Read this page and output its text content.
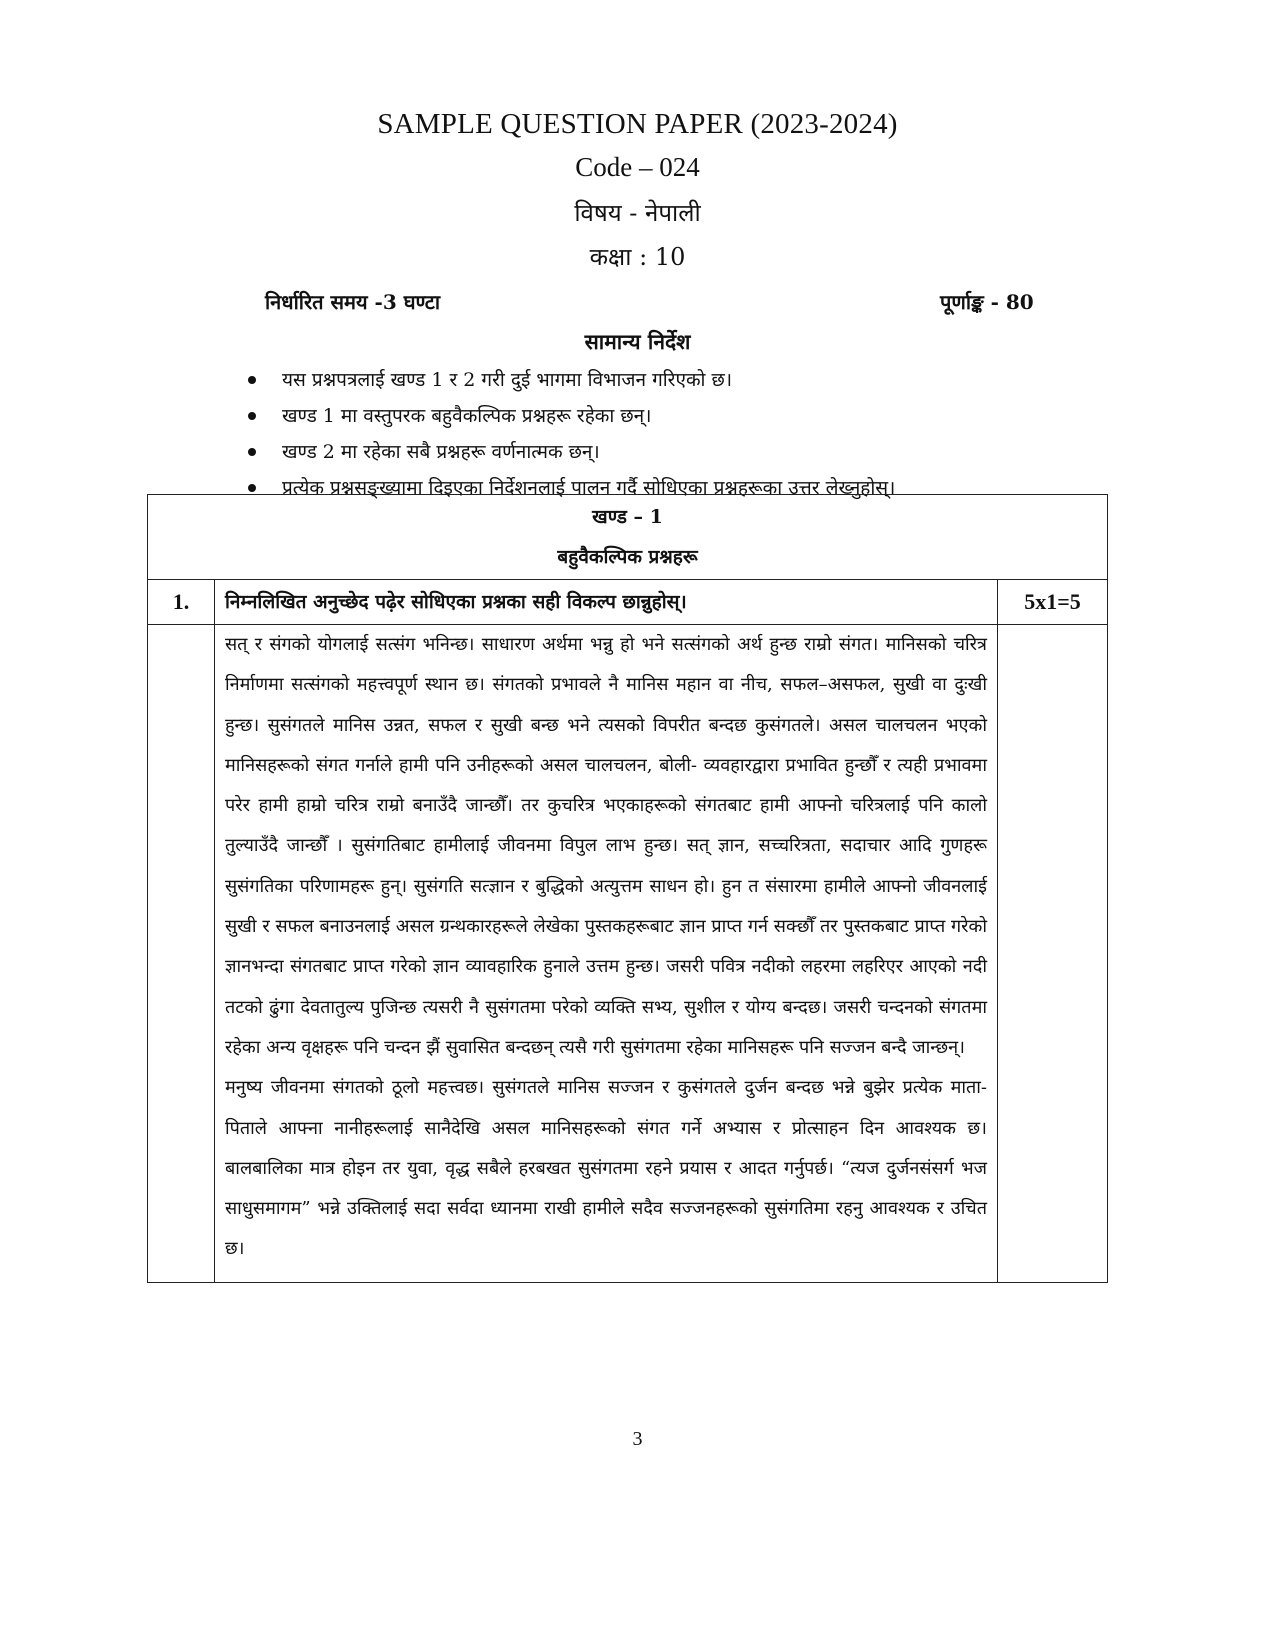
SAMPLE QUESTION PAPER (2023-2024)
Code – 024
विषय - नेपाली
कक्षा : 10
निर्धारित समय -3 घण्टा	पूर्णाङ्क - 80
सामान्य निर्देश
यस प्रश्नपत्रलाई खण्ड 1 र 2 गरी दुई भागमा विभाजन गरिएको छ।
खण्ड 1 मा वस्तुपरक बहुवैकल्पिक प्रश्नहरू रहेका छन्।
खण्ड 2 मा रहेका सबै प्रश्नहरू वर्णनात्मक छन्।
प्रत्येक प्रश्नसङ्ख्यामा दिइएका निर्देशनलाई पालन गर्दै सोधिएका प्रश्नहरूका उत्तर लेख्नुहोस्।
खण्ड – 1
बहुवैकल्पिक प्रश्नहरू		

1.	निम्नलिखित अनुच्छेद पढ़ेर सोधिएका प्रश्नका सही विकल्प छान्नुहोस्।	5x1=5

	सत् र संगको योगलाई सत्संग भनिन्छ। साधारण अर्थमा भन्नु हो भने सत्संगको अर्थ हुन्छ राम्रो संगत। मानिसको चरित्र निर्माणमा सत्संगको महत्त्वपूर्ण स्थान छ। संगतको प्रभावले नै मानिस महान वा नीच, सफल–असफल, सुखी वा दुःखी हुन्छ। सुसंगतले मानिस उन्नत, सफल र सुखी बन्छ भने त्यसको विपरीत बन्दछ कुसंगतले। असल चालचलन भएको मानिसहरूको संगत गर्नाले हामी पनि उनीहरूको असल चालचलन, बोली- व्यवहारद्वारा प्रभावित हुन्छौँ र त्यही प्रभावमा परेर हामी हाम्रो चरित्र राम्रो बनाउँदै जान्छौँ। तर कुचरित्र भएकाहरूको संगतबाट हामी आफ्नो चरित्रलाई पनि कालो तुल्याउँदै जान्छौँ । सुसंगतिबाट हामीलाई जीवनमा विपुल लाभ हुन्छ। सत् ज्ञान, सच्चरित्रता, सदाचार आदि गुणहरू सुसंगतिका परिणामहरू हुन्। सुसंगति सत्ज्ञान र बुद्धिको अत्युत्तम साधन हो। हुन त संसारमा हामीले आफ्नो जीवनलाई सुखी र सफल बनाउनलाई असल ग्रन्थकारहरूले लेखेका पुस्तकहरूबाट ज्ञान प्राप्त गर्न सक्छौँ तर पुस्तकबाट प्राप्त गरेको ज्ञानभन्दा संगतबाट प्राप्त गरेको ज्ञान व्यावहारिक हुनाले उत्तम हुन्छ। जसरी पवित्र नदीको लहरमा लहरिएर आएको नदी तटको ढुंगा देवतातुल्य पुजिन्छ त्यसरी नै सुसंगतमा परेको व्यक्ति सभ्य, सुशील र योग्य बन्दछ। जसरी चन्दनको संगतमा रहेका अन्य वृक्षहरू पनि चन्दन झैं सुवासित बन्दछन् त्यसै गरी सुसंगतमा रहेका मानिसहरू पनि सज्जन बन्दै जान्छन्।

मनुष्य जीवनमा संगतको ठूलो महत्त्वछ। सुसंगतले मानिस सज्जन र कुसंगतले दुर्जन बन्दछ भन्ने बुझेर प्रत्येक माता-पिताले आफ्ना नानीहरूलाई सानैदेखि असल मानिसहरूको संगत गर्ने अभ्यास र प्रोत्साहन दिन आवश्यक छ। बालबालिका मात्र होइन तर युवा, वृद्ध सबैले हरबखत सुसंगतमा रहने प्रयास र आदत गर्नुपर्छ। “त्यज दुर्जनसंसर्ग भज साधुसमागम” भन्ने उक्तिलाई सदा सर्वदा ध्यानमा राखी हामीले सदैव सज्जनहरूको सुसंगतिमा रहनु आवश्यक र उचित छ।	

3
